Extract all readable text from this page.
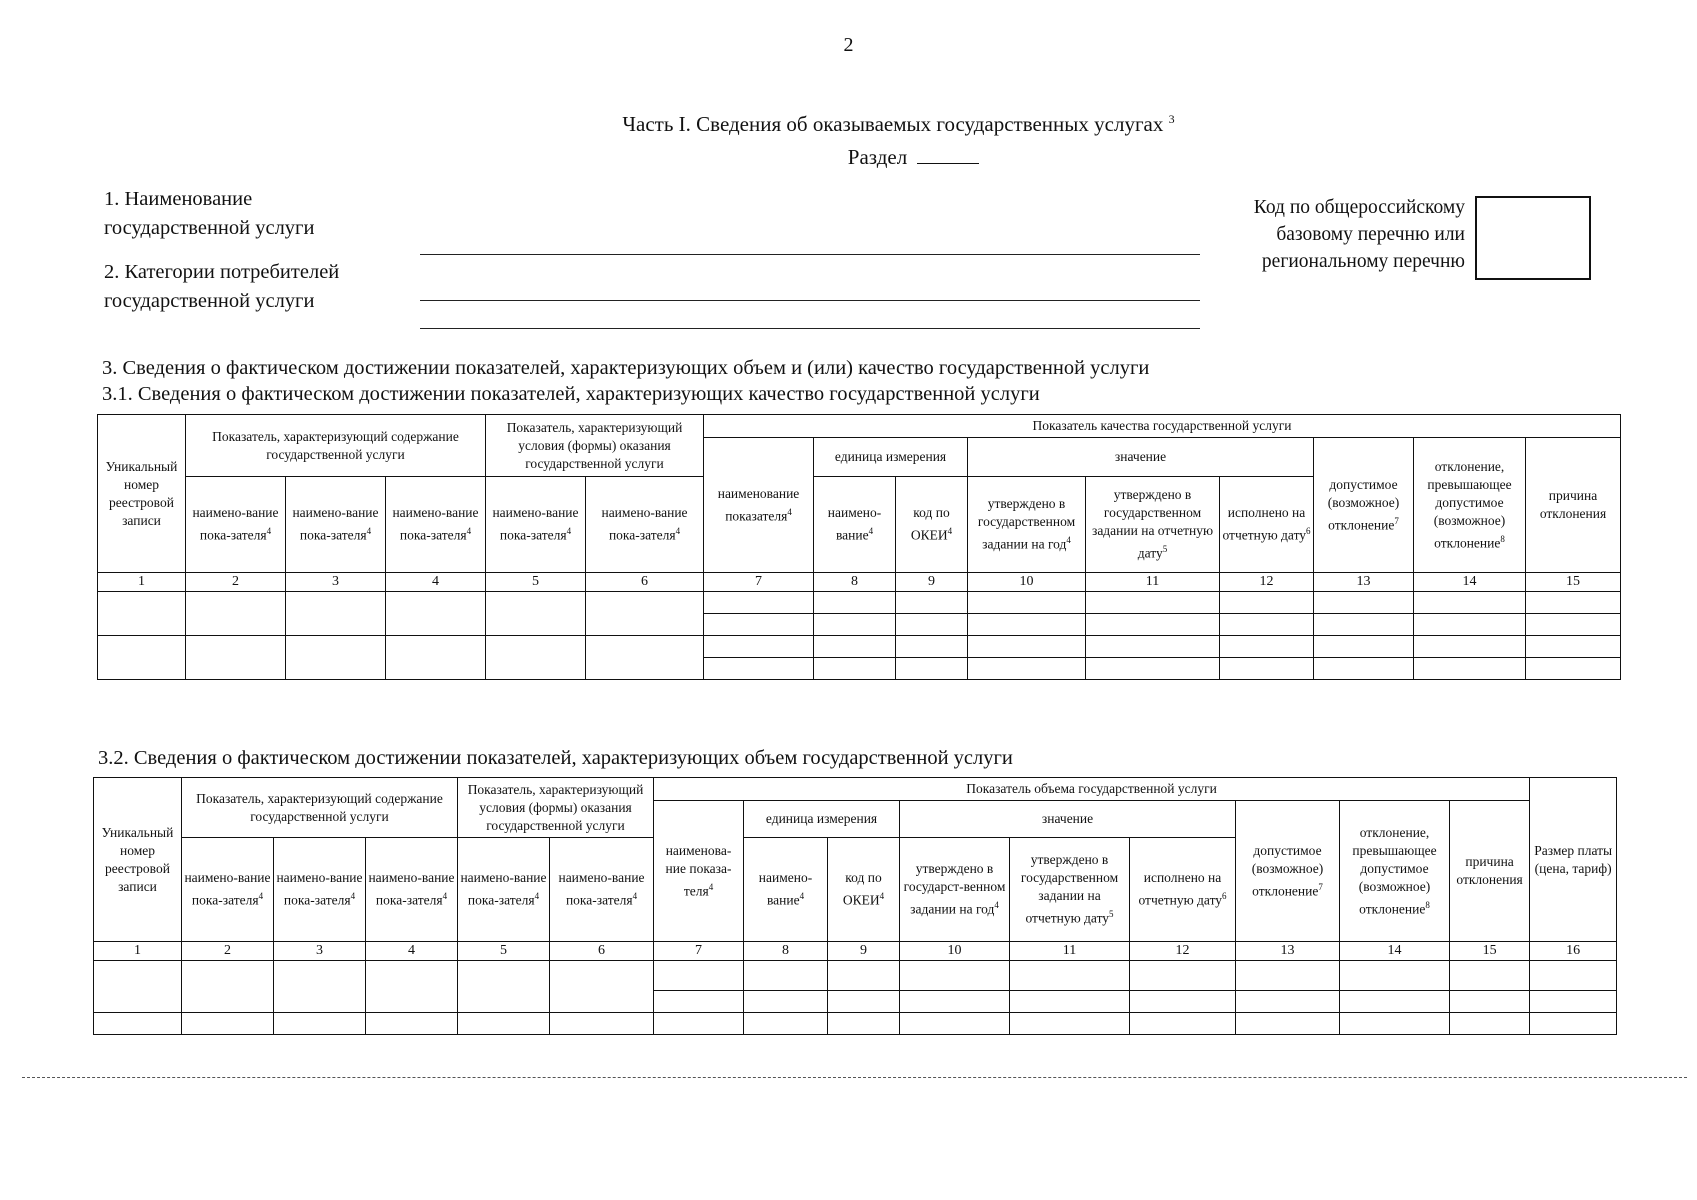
2
Часть I. Сведения об оказываемых государственных услугах $^3$
Раздел
1. Наименование
государственной услуги
2. Категории потребителей
государственной услуги
Код по общероссийскому
базовому перечню или
региональному перечню
3. Сведения о фактическом достижении показателей, характеризующих объем и (или) качество государственной услуги
3.1. Сведения о фактическом достижении показателей, характеризующих качество государственной услуги
Уникальный номер реестровой записи	Показатель, характеризующий содержание государственной услуги			Показатель, характеризующий условия (формы) оказания государственной услуги		Показатель качества государственной услуги								
						наименование показателя$^4$	единица измерения		значение			допустимое (возможное) отклонение$^7$	отклонение, превышающее допустимое (возможное) отклонение$^8$	причина отклонения
	наимено-вание пока-зателя$^4$	наимено-вание пока-зателя$^4$	наимено-вание пока-зателя$^4$	наимено-вание пока-зателя$^4$	наимено-вание пока-зателя$^4$		наимено-вание$^4$	код по ОКЕИ$^4$	утверждено в государственном задании на год$^4$	утверждено в государственном задании на отчетную дату$^5$	исполнено на отчетную дату$^6$
1	2	3	4	5	6	7	8	9	10	11	12	13	14	15

3.2. Сведения о фактическом достижении показателей, характеризующих объем государственной услуги
Уникальный номер реестровой записи	Показатель, характеризующий содержание государственной услуги			Показатель, характеризующий условия (формы) оказания государственной услуги		Показатель объема государственной услуги									Размер платы (цена, тариф)
						наименова-ние показа-теля$^4$	единица измерения		значение			допустимое (возможное) отклонение$^7$	отклонение, превышающее допустимое (возможное) отклонение$^8$	причина отклонения	
	наимено-вание пока-зателя$^4$	наимено-вание пока-зателя$^4$	наимено-вание пока-зателя$^4$	наимено-вание пока-зателя$^4$	наимено-вание пока-зателя$^4$		наимено-вание$^4$	код по ОКЕИ$^4$	утверждено в государст-венном задании на год$^4$	утверждено в государственном задании на отчетную дату$^5$	исполнено на отчетную дату$^6$
1	2	3	4	5	6	7	8	9	10	11	12	13	14	15	16
